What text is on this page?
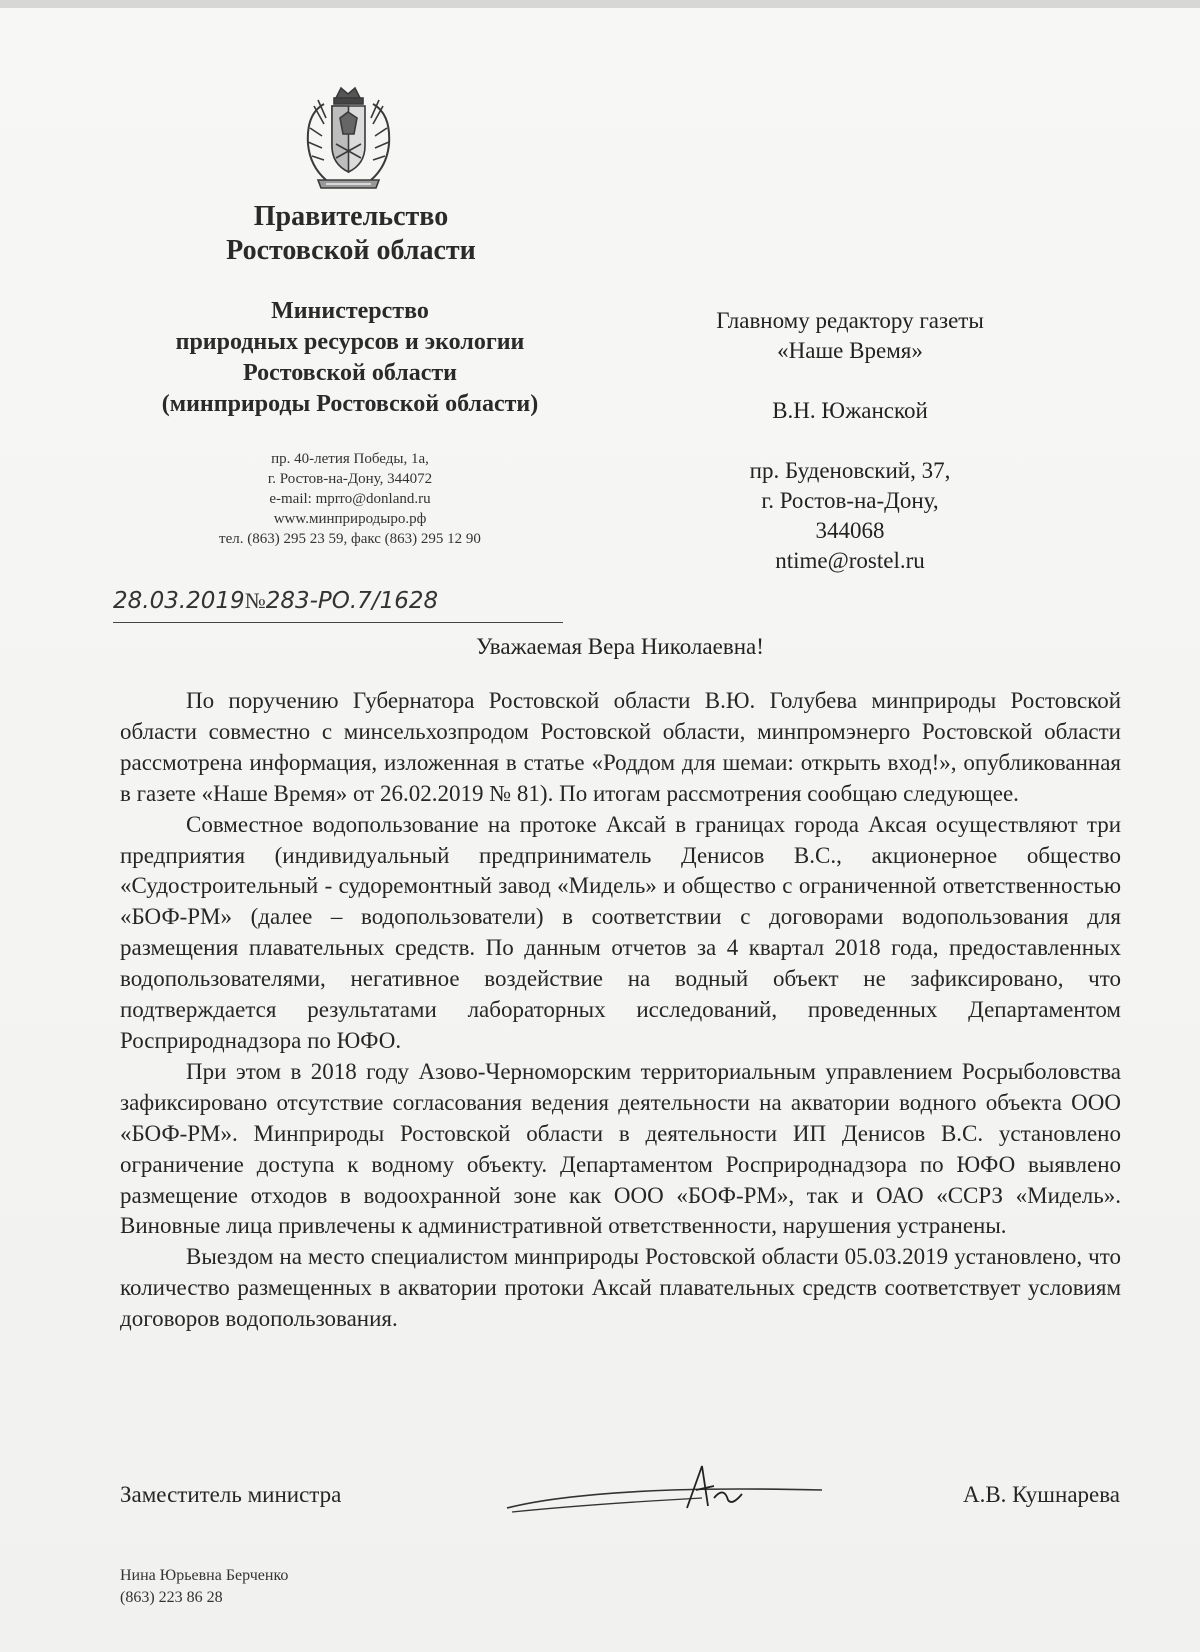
Правительство
Ростовской области
Министерство
природных ресурсов и экологии
Ростовской области
(минприроды Ростовской области)
пр. 40-летия Победы, 1а,
г. Ростов-на-Дону, 344072
e-mail: mprro@donland.ru
www.минприродыро.рф
тел. (863) 295 23 59, факс (863) 295 12 90
28.03.2019№283-РО.7/1628
Главному редактору газеты
«Наше Время»
В.Н. Южанской
пр. Буденовский, 37,
г. Ростов-на-Дону,
344068
ntime@rostel.ru
Уважаемая Вера Николаевна!

По поручению Губернатора Ростовской области В.Ю. Голубева минприроды Ростовской области совместно с минсельхозпродом Ростовской области, минпромэнерго Ростовской области рассмотрена информация, изложенная в статье «Роддом для шемаи: открыть вход!», опубликованная в газете «Наше Время» от 26.02.2019 № 81). По итогам рассмотрения сообщаю следующее.

Совместное водопользование на протоке Аксай в границах города Аксая осуществляют три предприятия (индивидуальный предприниматель Денисов В.С., акционерное общество «Судостроительный - судоремонтный завод «Мидель» и общество с ограниченной ответственностью «БОФ-РМ» (далее – водопользователи) в соответствии с договорами водопользования для размещения плавательных средств. По данным отчетов за 4 квартал 2018 года, предоставленных водопользователями, негативное воздействие на водный объект не зафиксировано, что подтверждается результатами лабораторных исследований, проведенных Департаментом Росприроднадзора по ЮФО.

При этом в 2018 году Азово-Черноморским территориальным управлением Росрыболовства зафиксировано отсутствие согласования ведения деятельности на акватории водного объекта ООО «БОФ-РМ». Минприроды Ростовской области в деятельности ИП Денисов В.С. установлено ограничение доступа к водному объекту. Департаментом Росприроднадзора по ЮФО выявлено размещение отходов в водоохранной зоне как ООО «БОФ-РМ», так и ОАО «ССРЗ «Мидель». Виновные лица привлечены к административной ответственности, нарушения устранены.

Выездом на место специалистом минприроды Ростовской области 05.03.2019 установлено, что количество размещенных в акватории протоки Аксай плавательных средств соответствует условиям договоров водопользования.

Заместитель министра	А.В. Кушнарева
Нина Юрьевна Берченко
(863) 223 86 28
